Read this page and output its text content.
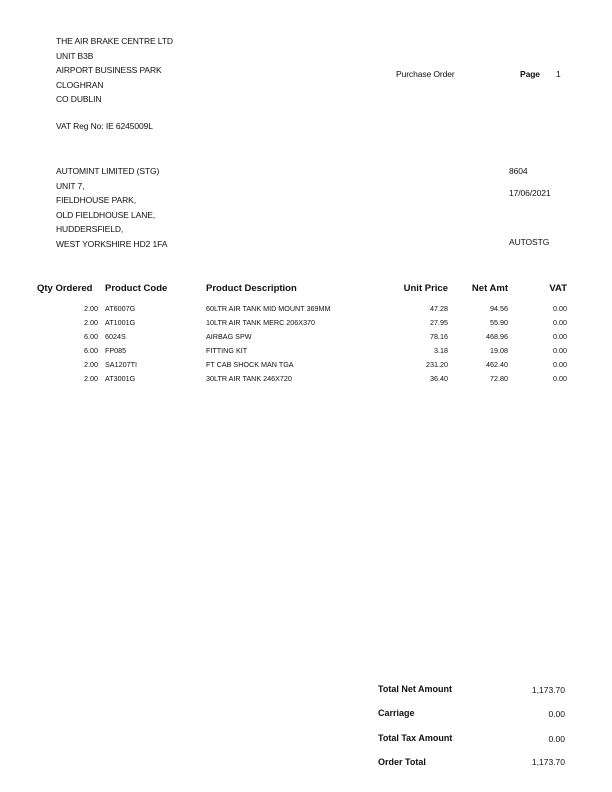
THE AIR BRAKE CENTRE LTD
UNIT B3B
AIRPORT BUSINESS PARK
CLOGHRAN
CO DUBLIN
VAT Reg No: IE 6245009L
Purchase Order	Page 1
AUTOMINT LIMITED (STG)
UNIT 7,
FIELDHOUSE PARK,
OLD FIELDHOUSE LANE,
HUDDERSFIELD,
WEST YORKSHIRE HD2 1FA
8604
17/06/2021
AUTOSTG
Qty Ordered Product Code	Product Description	Unit Price	Net Amt	VAT
2.00 AT6007G	60LTR AIR TANK MID MOUNT 369MM	47.28	94.56	0.00
2.00 AT1001G	10LTR AIR TANK MERC 206X370	27.95	55.90	0.00
6.00 6024S	AIRBAG SPW	78.16	468.96	0.00
6.00 FP085	FITTING KIT	3.18	19.08	0.00
2.00 SA1207TI	FT CAB SHOCK MAN TGA	231.20	462.40	0.00
2.00 AT3001G	30LTR AIR TANK 246X720	36.40	72.80	0.00
Total Net Amount	1,173.70
Carriage	0.00
Total Tax Amount	0.00
Order Total	1,173.70
